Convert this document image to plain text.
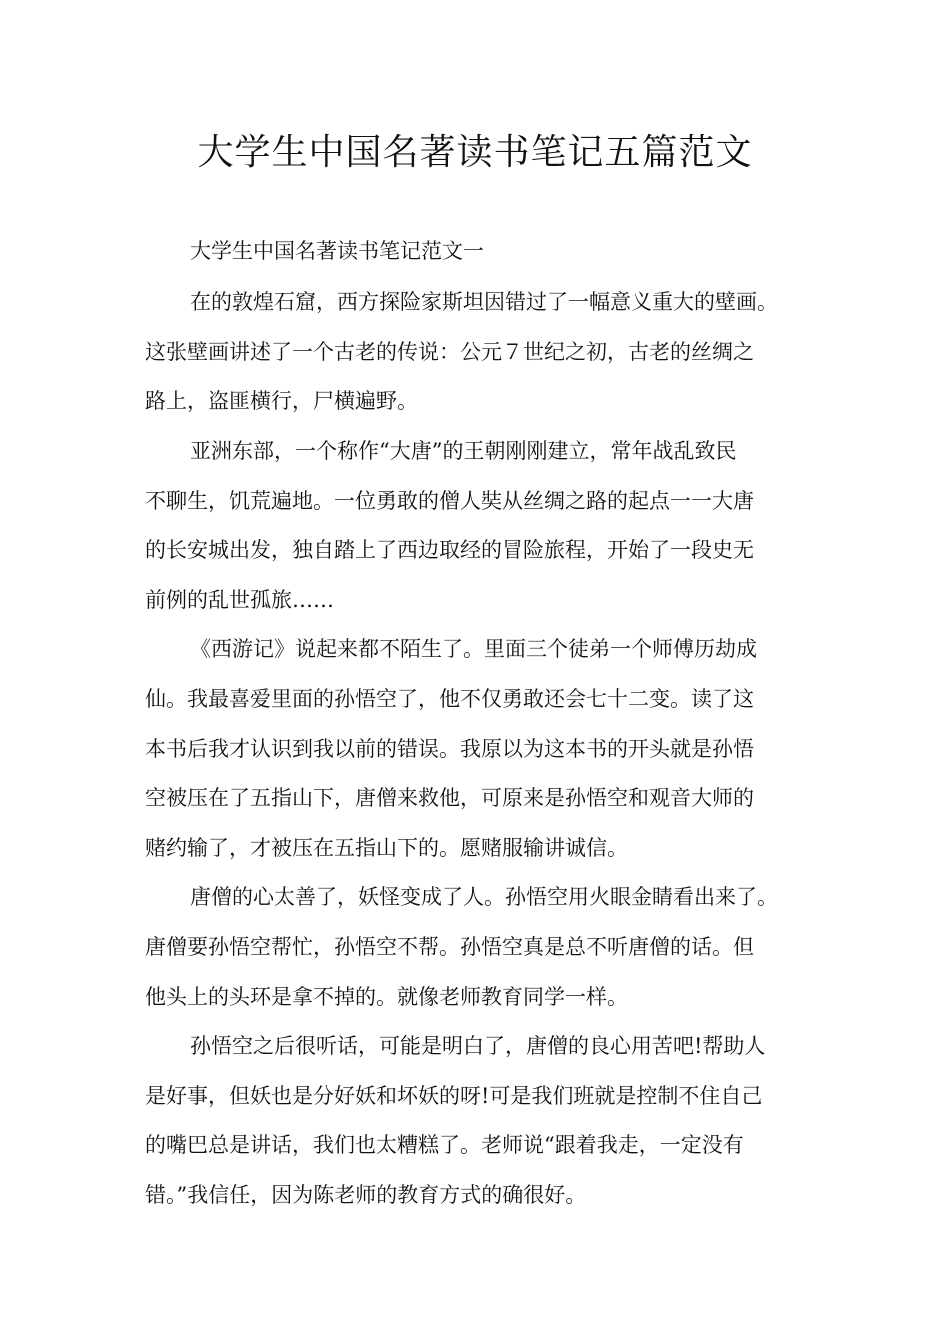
大学生中国名著读书笔记五篇范文

大学生中国名著读书笔记范文一

在的敦煌石窟，西方探险家斯坦因错过了一幅意义重大的壁画。

这张壁画讲述了一个古老的传说：公元７世纪之初，古老的丝绸之

路上，盗匪横行，尸横遍野。

亚洲东部，一个称作“大唐”的王朝刚刚建立，常年战乱致民

不聊生，饥荒遍地。一位勇敢的僧人奘从丝绸之路的起点一一大唐

的长安城出发，独自踏上了西边取经的冒险旅程，开始了一段史无

前例的乱世孤旅……

《西游记》说起来都不陌生了。里面三个徒弟一个师傅历劫成

仙。我最喜爱里面的孙悟空了，他不仅勇敢还会七十二变。读了这

本书后我才认识到我以前的错误。我原以为这本书的开头就是孙悟

空被压在了五指山下，唐僧来救他，可原来是孙悟空和观音大师的

赌约输了，才被压在五指山下的。愿赌服输讲诚信。

唐僧的心太善了，妖怪变成了人。孙悟空用火眼金睛看出来了。

唐僧要孙悟空帮忙，孙悟空不帮。孙悟空真是总不听唐僧的话。但

他头上的头环是拿不掉的。就像老师教育同学一样。

孙悟空之后很听话，可能是明白了，唐僧的良心用苦吧!帮助人

是好事，但妖也是分好妖和坏妖的呀!可是我们班就是控制不住自己

的嘴巴总是讲话，我们也太糟糕了。老师说“跟着我走，一定没有

错。”我信任，因为陈老师的教育方式的确很好。
